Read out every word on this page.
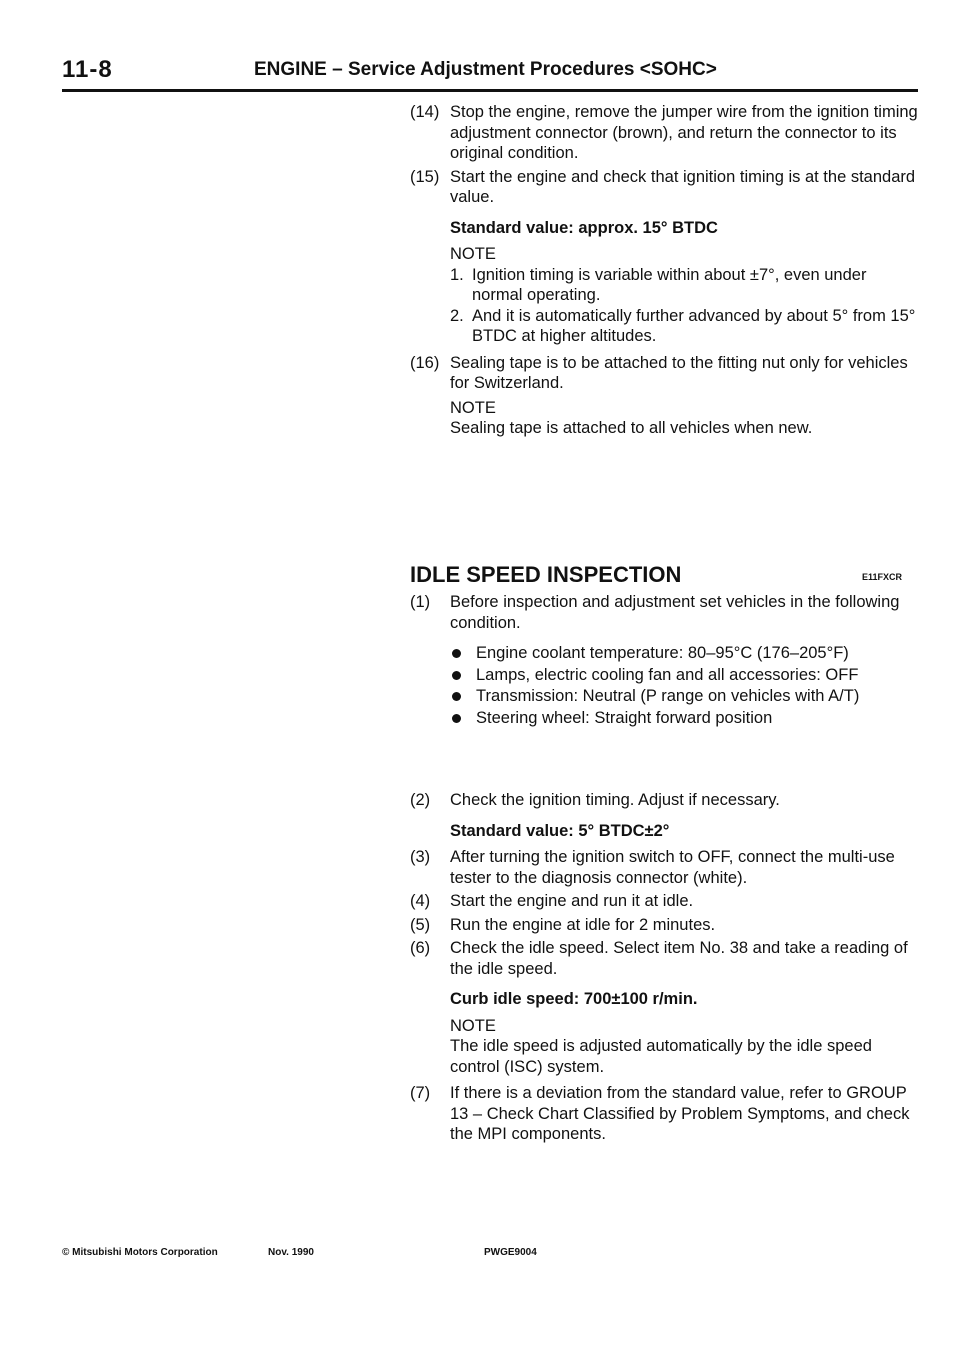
11-8	ENGINE – Service Adjustment Procedures <SOHC>
(14) Stop the engine, remove the jumper wire from the ignition timing adjustment connector (brown), and return the connector to its original condition.
(15) Start the engine and check that ignition timing is at the standard value.
Standard value: approx. 15° BTDC
NOTE
1. Ignition timing is variable within about ±7°, even under normal operating.
2. And it is automatically further advanced by about 5° from 15° BTDC at higher altitudes.
(16) Sealing tape is to be attached to the fitting nut only for vehicles for Switzerland.
NOTE
Sealing tape is attached to all vehicles when new.
IDLE SPEED INSPECTION	E11FXCR
(1) Before inspection and adjustment set vehicles in the following condition.
Engine coolant temperature: 80–95°C (176–205°F)
Lamps, electric cooling fan and all accessories: OFF
Transmission: Neutral (P range on vehicles with A/T)
Steering wheel: Straight forward position
(2) Check the ignition timing. Adjust if necessary.
Standard value: 5° BTDC±2°
(3) After turning the ignition switch to OFF, connect the multi-use tester to the diagnosis connector (white).
(4) Start the engine and run it at idle.
(5) Run the engine at idle for 2 minutes.
(6) Check the idle speed. Select item No. 38 and take a reading of the idle speed.
Curb idle speed: 700±100 r/min.
NOTE
The idle speed is adjusted automatically by the idle speed control (ISC) system.
(7) If there is a deviation from the standard value, refer to GROUP 13 – Check Chart Classified by Problem Symptoms, and check the MPI components.
© Mitsubishi Motors Corporation	Nov. 1990	PWGE9004
